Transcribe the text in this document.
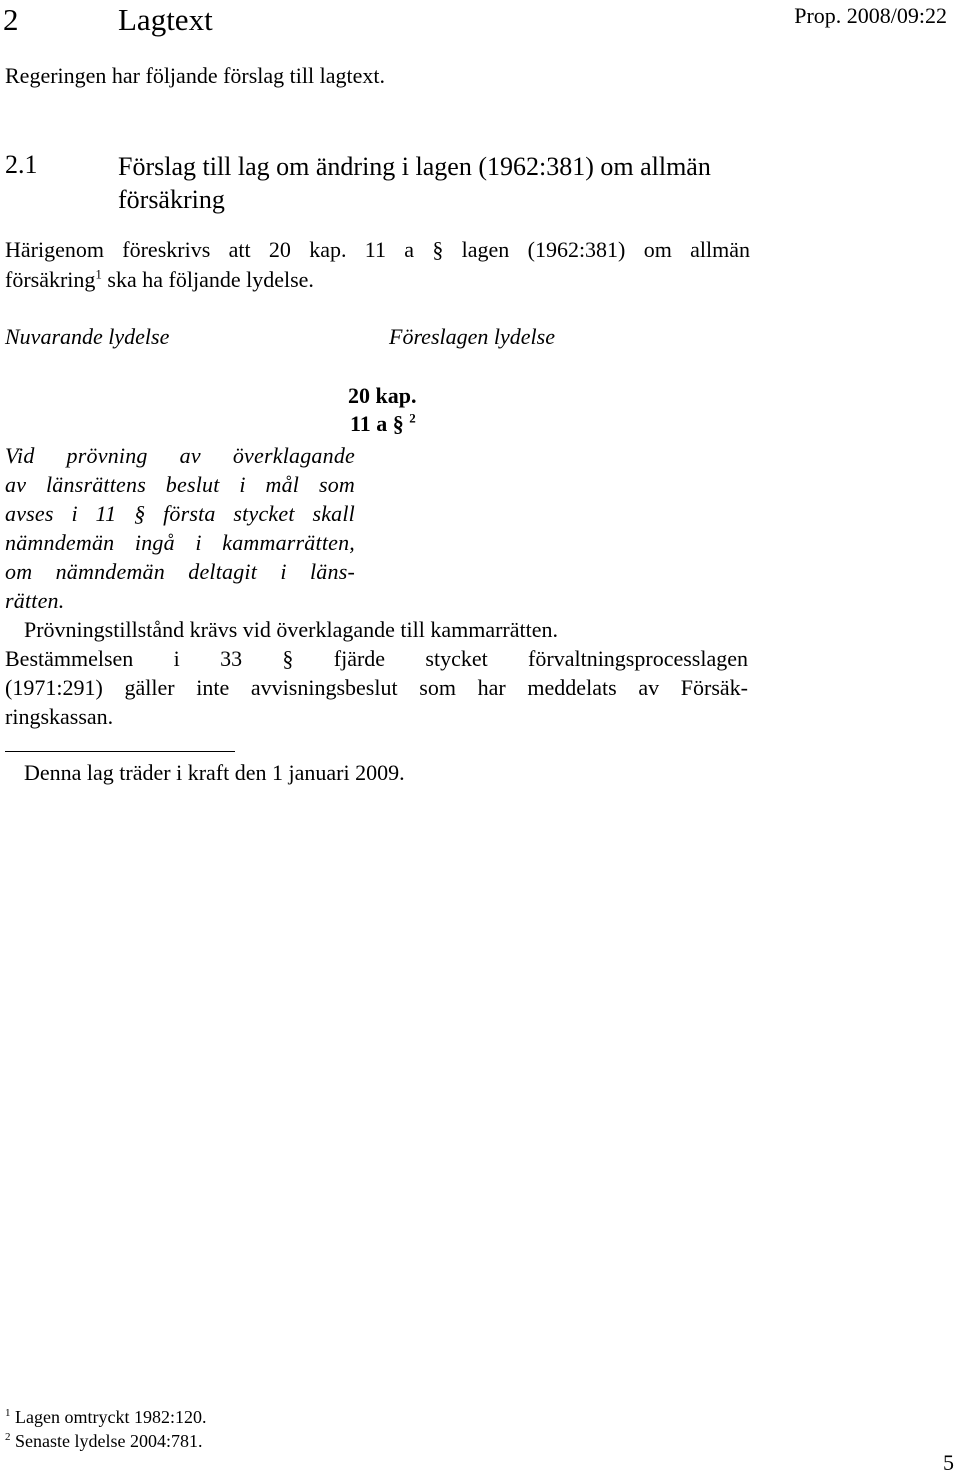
2	Lagtext	Prop. 2008/09:22
Regeringen har följande förslag till lagtext.
2.1	Förslag till lag om ändring i lagen (1962:381) om allmän försäkring
Härigenom föreskrivs att 20 kap. 11 a § lagen (1962:381) om allmän
försäkring$^1$ ska ha följande lydelse.
Nuvarande lydelse	Föreslagen lydelse
20 kap.
11 a § $^2$
Vid prövning av överklagande
av länsrättens beslut i mål som
avses i 11 § första stycket skall
nämndemän ingå i kammarrätten,
om nämndemän deltagit i läns-
rätten.
Prövningstillstånd krävs vid överklagande till kammarrätten.
Bestämmelsen i 33 § fjärde stycket förvaltningsprocesslagen
(1971:291) gäller inte avvisningsbeslut som har meddelats av Försäk-
ringskassan.
Denna lag träder i kraft den 1 januari 2009.
$^1$ Lagen omtryckt 1982:120.
$^2$ Senaste lydelse 2004:781.
5
